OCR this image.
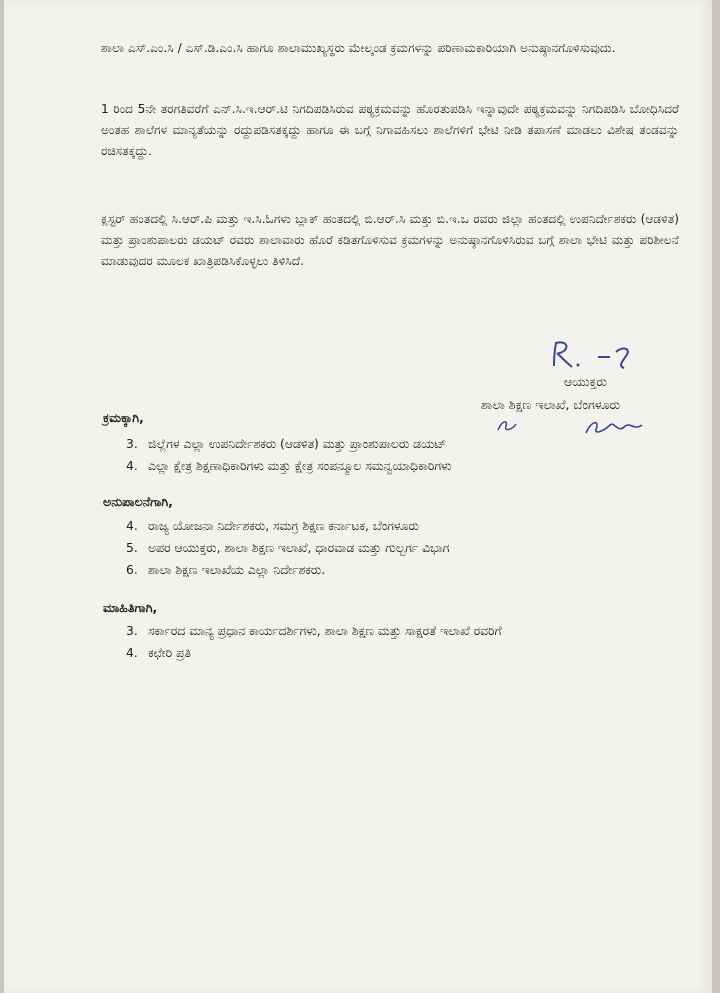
ಶಾಲಾ ಎಸ್.ಎಂ.ಸಿ / ಎಸ್.ಡಿ.ಎಂ.ಸಿ ಹಾಗೂ ಶಾಲಾಮುಖ್ಯಸ್ಥರು ಮೇಲ್ಕಂಡ ಕ್ರಮಗಳನ್ನು ಪರಿಣಾಮಕಾರಿಯಾಗಿ ಅನುಷ್ಠಾನಗೊಳಿಸುವುದು.

1 ರಿಂದ 5ನೇ ತರಗತಿವರೆಗೆ ಎನ್.ಸಿ.ಇ.ಆರ್.ಟಿ ನಿಗದಿಪಡಿಸಿರುವ ಪಠ್ಯಕ್ರಮವನ್ನು ಹೊರತುಪಡಿಸಿ ಇನ್ನಾವುದೇ ಪಠ್ಯಕ್ರಮವನ್ನು ನಿಗದಿಪಡಿಸಿ ಬೋಧಿಸಿದರೆ ಅಂತಹ ಶಾಲೆಗಳ ಮಾನ್ಯತೆಯನ್ನು ರದ್ದುಪಡಿಸತಕ್ಕದ್ದು ಹಾಗೂ ಈ ಬಗ್ಗೆ ನಿಗಾವಹಿಸಲು ಶಾಲೆಗಳಿಗೆ ಭೇಟಿ ನೀಡಿ ತಪಾಸಣೆ ಮಾಡಲು ವಿಶೇಷ ತಂಡವನ್ನು ರಚಿಸತಕ್ಕದ್ದು.

ಕ್ಲಸ್ಟರ್ ಹಂತದಲ್ಲಿ ಸಿ.ಆರ್.ಪಿ ಮತ್ತು ಇ.ಸಿ.ಓಗಳು ಬ್ಲಾಕ್ ಹಂತದಲ್ಲಿ ಬಿ.ಆರ್.ಸಿ ಮತ್ತು ಬಿ.ಇ.ಒ ರವರು ಜಿಲ್ಲಾ ಹಂತದಲ್ಲಿ ಉಪನಿರ್ದೇಶಕರು (ಆಡಳಿತ) ಮತ್ತು ಪ್ರಾಂಶುಪಾಲರು ಡಯಟ್ ರವರು ಶಾಲಾವಾರು ಹೊರೆ ಕಡಿತಗೊಳಿಸುವ ಕ್ರಮಗಳನ್ನು ಅನುಷ್ಠಾನಗೊಳಿಸಿರುವ ಬಗ್ಗೆ ಶಾಲಾ ಭೇಟಿ ಮತ್ತು ಪರಿಶೀಲನೆ ಮಾಡುವುದರ ಮೂಲಕ ಖಾತ್ರಿಪಡಿಸಿಕೊಳ್ಳಲು ತಿಳಿಸಿದೆ.

ಆಯುಕ್ತರು
ಶಾಲಾ ಶಿಕ್ಷಣ ಇಲಾಖೆ, ಬೆಂಗಳೂರು
ಕ್ರಮಕ್ಕಾಗಿ,
3. ಜಿಲ್ಲೆಗಳ ಎಲ್ಲಾ ಉಪನಿರ್ದೇಶಕರು (ಆಡಳಿತ) ಮತ್ತು ಪ್ರಾಂಶುಪಾಲರು ಡಯಟ್
4. ಎಲ್ಲಾ ಕ್ಷೇತ್ರ ಶಿಕ್ಷಣಾಧಿಕಾರಿಗಳು ಮತ್ತು ಕ್ಷೇತ್ರ ಸಂಪನ್ಮೂಲ ಸಮನ್ವಯಾಧಿಕಾರಿಗಳು
ಅನುಪಾಲನೆಗಾಗಿ,
4. ರಾಜ್ಯ ಯೋಜನಾ ನಿರ್ದೇಶಕರು, ಸಮಗ್ರ ಶಿಕ್ಷಣ ಕರ್ನಾಟಕ, ಬೆಂಗಳೂರು
5. ಅಪರ ಆಯುಕ್ತರು, ಶಾಲಾ ಶಿಕ್ಷಣ ಇಲಾಖೆ, ಧಾರವಾಡ ಮತ್ತು ಗುಲ್ಬರ್ಗ ವಿಭಾಗ
6. ಶಾಲಾ ಶಿಕ್ಷಣ ಇಲಾಖೆಯ ಎಲ್ಲಾ ನಿರ್ದೇಶಕರು.
ಮಾಹಿತಿಗಾಗಿ,
3. ಸರ್ಕಾರದ ಮಾನ್ಯ ಪ್ರಧಾನ ಕಾರ್ಯದರ್ಶಿಗಳು, ಶಾಲಾ ಶಿಕ್ಷಣ ಮತ್ತು ಸಾಕ್ಷರತೆ ಇಲಾಖೆ ರವರಿಗೆ
4. ಕಛೇರಿ ಪ್ರತಿ
